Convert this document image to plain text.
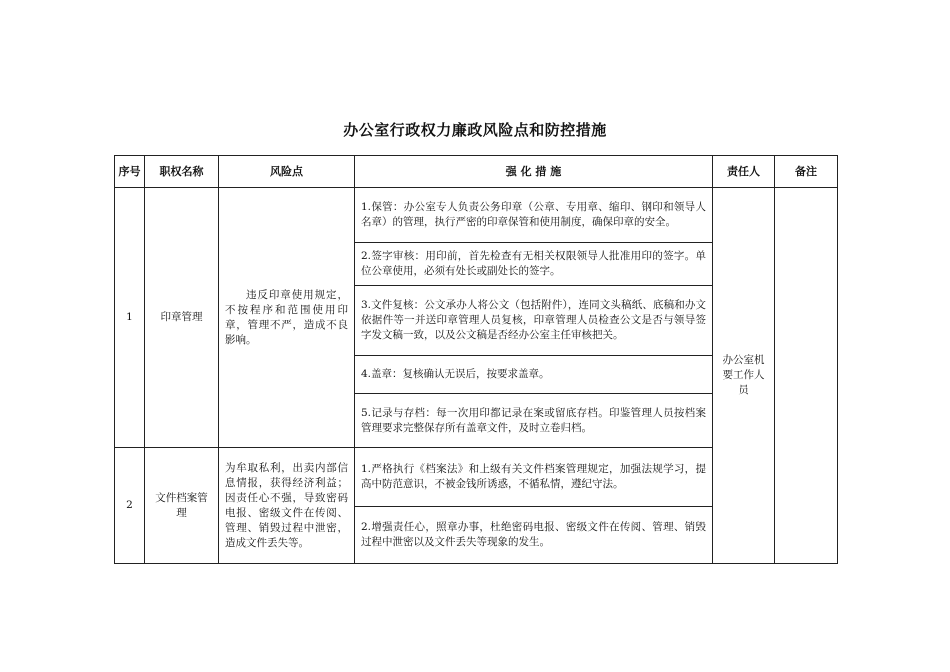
办公室行政权力廉政风险点和防控措施
序号	职权名称	风险点	强 化 措 施	责任人	备注
1	印章管理	违反印章使用规定，不按程序和范围使用印章，管理不严，造成不良影响。	1.保管：办公室专人负责公务印章（公章、专用章、缩印、钢印和领导人名章）的管理，执行严密的印章保管和使用制度，确保印章的安全。	办公室机要工作人员	
			2.签字审核：用印前，首先检查有无相关权限领导人批准用印的签字。单位公章使用，必须有处长或副处长的签字。		
			3.文件复核：公文承办人将公文（包括附件），连同文头稿纸、底稿和办文依据件等一并送印章管理人员复核，印章管理人员检查公文是否与领导签字发文稿一致，以及公文稿是否经办公室主任审核把关。		
			4.盖章：复核确认无误后，按要求盖章。		
			5.记录与存档：每一次用印都记录在案或留底存档。印鉴管理人员按档案管理要求完整保存所有盖章文件，及时立卷归档。		
2	文件档案管理	为牟取私利，出卖内部信息情报，获得经济利益；因责任心不强，导致密码电报、密级文件在传阅、管理、销毁过程中泄密，造成文件丢失等。	1.严格执行《档案法》和上级有关文件档案管理规定，加强法规学习，提高中防范意识，不被金钱所诱惑，不循私情，遵纪守法。		
			2.增强责任心，照章办事，杜绝密码电报、密级文件在传阅、管理、销毁过程中泄密以及文件丢失等现象的发生。		
